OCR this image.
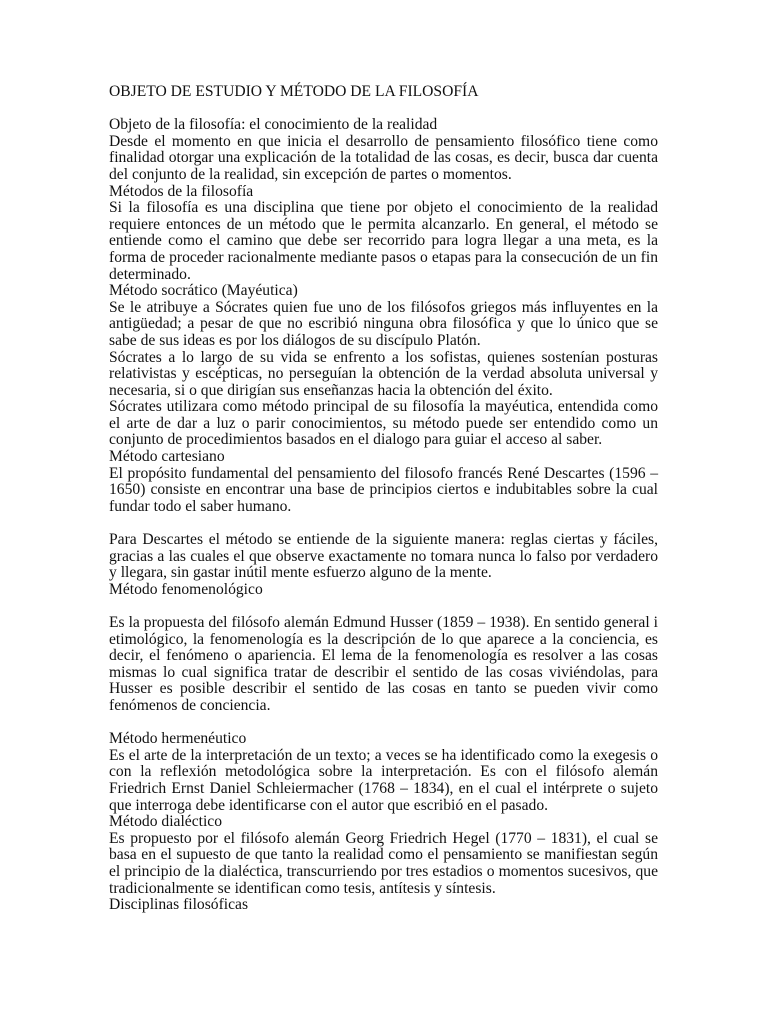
OBJETO DE ESTUDIO Y MÉTODO DE LA FILOSOFÍA
Objeto de la filosofía: el conocimiento de la realidad
Desde el momento en que inicia el desarrollo de pensamiento filosófico tiene como
finalidad otorgar una explicación de la totalidad de las cosas, es decir, busca dar cuenta
del conjunto de la realidad, sin excepción de partes o momentos.
Métodos de la filosofía
Si la filosofía es una disciplina que tiene por objeto el conocimiento de la realidad
requiere entonces de un método que le permita alcanzarlo. En general, el método se
entiende como el camino que debe ser recorrido para logra llegar a una meta, es la
forma de proceder racionalmente mediante pasos o etapas para la consecución de un fin
determinado.
Método socrático (Mayéutica)
Se le atribuye a Sócrates quien fue uno de los filósofos griegos más influyentes en la
antigüedad; a pesar de que no escribió ninguna obra filosófica y que lo único que se
sabe de sus ideas es por los diálogos de su discípulo Platón.
Sócrates a lo largo de su vida se enfrento a los sofistas, quienes sostenían posturas
relativistas y escépticas, no perseguían la obtención de la verdad absoluta universal y
necesaria, si o que dirigían sus enseñanzas hacia la obtención del éxito.
Sócrates utilizara como método principal de su filosofía la mayéutica, entendida como
el arte de dar a luz o parir conocimientos, su método puede ser entendido como un
conjunto de procedimientos basados en el dialogo para guiar el acceso al saber.
Método cartesiano
El propósito fundamental del pensamiento del filosofo francés René Descartes (1596 –
1650) consiste en encontrar una base de principios ciertos e indubitables sobre la cual
fundar todo el saber humano.
Para Descartes el método se entiende de la siguiente manera: reglas ciertas y fáciles,
gracias a las cuales el que observe exactamente no tomara nunca lo falso por verdadero
y llegara, sin gastar inútil mente esfuerzo alguno de la mente.
Método fenomenológico
Es la propuesta del filósofo alemán Edmund Husser (1859 – 1938). En sentido general i
etimológico, la fenomenología es la descripción de lo que aparece a la conciencia, es
decir, el fenómeno o apariencia. El lema de la fenomenología es resolver a las cosas
mismas lo cual significa tratar de describir el sentido de las cosas viviéndolas, para
Husser es posible describir el sentido de las cosas en tanto se pueden vivir como
fenómenos de conciencia.
Método hermenéutico
Es el arte de la interpretación de un texto; a veces se ha identificado como la exegesis o
con la reflexión metodológica sobre la interpretación. Es con el filósofo alemán
Friedrich Ernst Daniel Schleiermacher (1768 – 1834), en el cual el intérprete o sujeto
que interroga debe identificarse con el autor que escribió en el pasado.
Método dialéctico
Es propuesto por el filósofo alemán Georg Friedrich Hegel (1770 – 1831), el cual se
basa en el supuesto de que tanto la realidad como el pensamiento se manifiestan según
el principio de la dialéctica, transcurriendo por tres estadios o momentos sucesivos, que
tradicionalmente se identifican como tesis, antítesis y síntesis.
Disciplinas filosóficas
